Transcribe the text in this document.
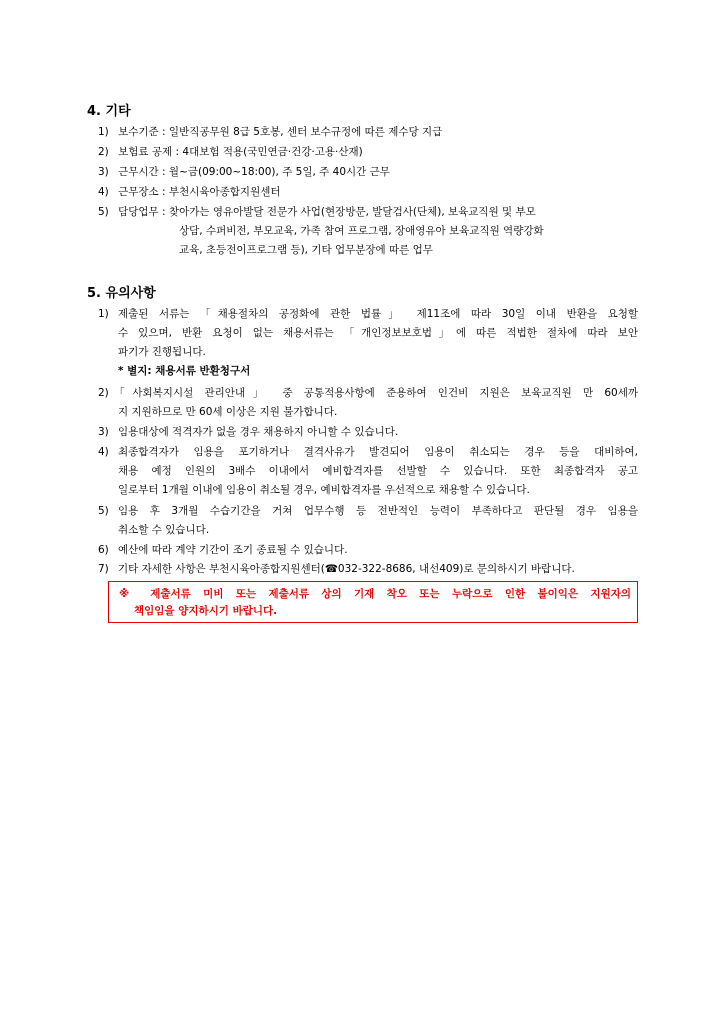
4. 기타
1) 보수기준 : 일반직공무원 8급 5호봉, 센터 보수규정에 따른 제수당 지급
2) 보험료 공제 : 4대보험 적용(국민연금·건강·고용·산재)
3) 근무시간 : 월~금(09:00~18:00), 주 5일, 주 40시간 근무
4) 근무장소 : 부천시육아종합지원센터
5) 담당업무 : 찾아가는 영유아발달 전문가 사업(현장방문, 발달검사(단체), 보육교직원 및 부모
상담, 수퍼비전, 부모교육, 가족 참여 프로그램, 장애영유아 보육교직원 역량강화
교육, 초등전이프로그램 등), 기타 업무분장에 따른 업무
5. 유의사항
1) 제출된 서류는 「채용절차의 공정화에 관한 법률」 제11조에 따라 30일 이내 반환을 요청할
수 있으며, 반환 요청이 없는 채용서류는 「개인정보보호법」에 따른 적법한 절차에 따라 보안
파기가 진행됩니다.
* 별지: 채용서류 반환청구서
2) 「사회복지시설 관리안내」 중 공통적용사항에 준용하여 인건비 지원은 보육교직원 만 60세까
지 지원하므로 만 60세 이상은 지원 불가합니다.
3) 임용대상에 적격자가 없을 경우 채용하지 아니할 수 있습니다.
4) 최종합격자가 임용을 포기하거나 결격사유가 발견되어 임용이 취소되는 경우 등을 대비하여,
채용 예정 인원의 3배수 이내에서 예비합격자를 선발할 수 있습니다. 또한 최종합격자 공고
일로부터 1개월 이내에 임용이 취소될 경우, 예비합격자를 우선적으로 채용할 수 있습니다.
5) 임용 후 3개월 수습기간을 거쳐 업무수행 등 전반적인 능력이 부족하다고 판단될 경우 임용을
취소할 수 있습니다.
6) 예산에 따라 계약 기간이 조기 종료될 수 있습니다.
7) 기타 자세한 사항은 부천시육아종합지원센터(☎032-322-8686, 내선409)로 문의하시기 바랍니다.
※ 제출서류 미비 또는 제출서류 상의 기재 착오 또는 누락으로 인한 불이익은 지원자의
책임임을 양지하시기 바랍니다.
